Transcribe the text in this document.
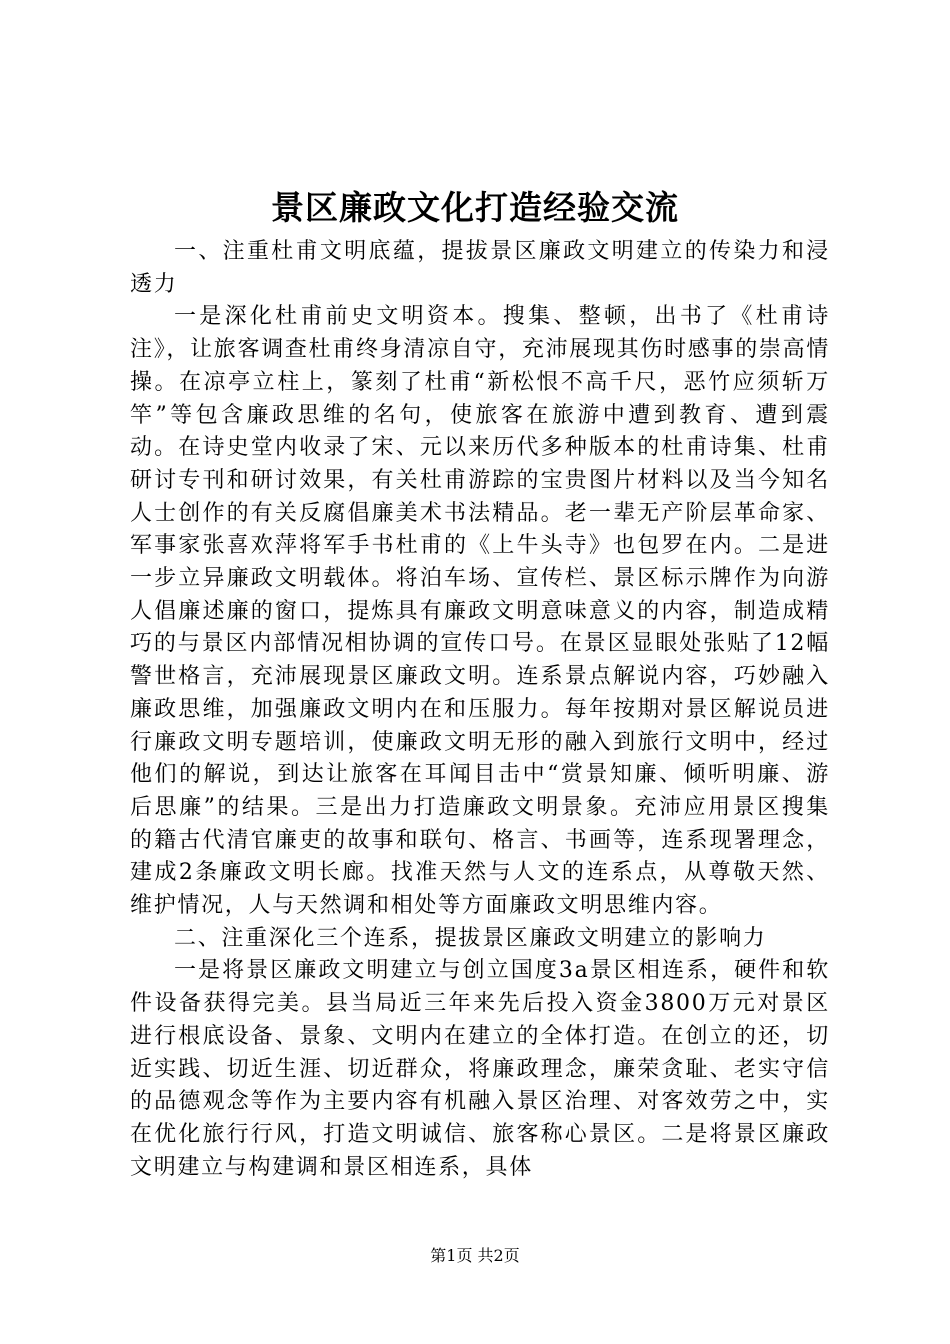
景区廉政文化打造经验交流

一、注重杜甫文明底蕴，提拔景区廉政文明建立的传染力和浸透力

一是深化杜甫前史文明资本。搜集、整顿，出书了《杜甫诗注》，让旅客调查杜甫终身清凉自守，充沛展现其伤时感事的崇高情操。在凉亭立柱上，篆刻了杜甫“新松恨不高千尺，恶竹应须斩万竿”等包含廉政思维的名句，使旅客在旅游中遭到教育、遭到震动。在诗史堂内收录了宋、元以来历代多种版本的杜甫诗集、杜甫研讨专刊和研讨效果，有关杜甫游踪的宝贵图片材料以及当今知名人士创作的有关反腐倡廉美术书法精品。老一辈无产阶层革命家、军事家张喜欢萍将军手书杜甫的《上牛头寺》也包罗在内。二是进一步立异廉政文明载体。将泊车场、宣传栏、景区标示牌作为向游人倡廉述廉的窗口，提炼具有廉政文明意味意义的内容，制造成精巧的与景区内部情况相协调的宣传口号。在景区显眼处张贴了12幅警世格言，充沛展现景区廉政文明。连系景点解说内容，巧妙融入廉政思维，加强廉政文明内在和压服力。每年按期对景区解说员进行廉政文明专题培训，使廉政文明无形的融入到旅行文明中，经过他们的解说，到达让旅客在耳闻目击中“赏景知廉、倾听明廉、游后思廉”的结果。三是出力打造廉政文明景象。充沛应用景区搜集的籍古代清官廉吏的故事和联句、格言、书画等，连系现署理念，建成2条廉政文明长廊。找准天然与人文的连系点，从尊敬天然、维护情况，人与天然调和相处等方面廉政文明思维内容。

二、注重深化三个连系，提拔景区廉政文明建立的影响力

一是将景区廉政文明建立与创立国度3a景区相连系，硬件和软件设备获得完美。县当局近三年来先后投入资金3800万元对景区进行根底设备、景象、文明内在建立的全体打造。在创立的还，切近实践、切近生涯、切近群众，将廉政理念，廉荣贪耻、老实守信的品德观念等作为主要内容有机融入景区治理、对客效劳之中，实在优化旅行行风，打造文明诚信、旅客称心景区。二是将景区廉政文明建立与构建调和景区相连系，具体

第1页 共2页
